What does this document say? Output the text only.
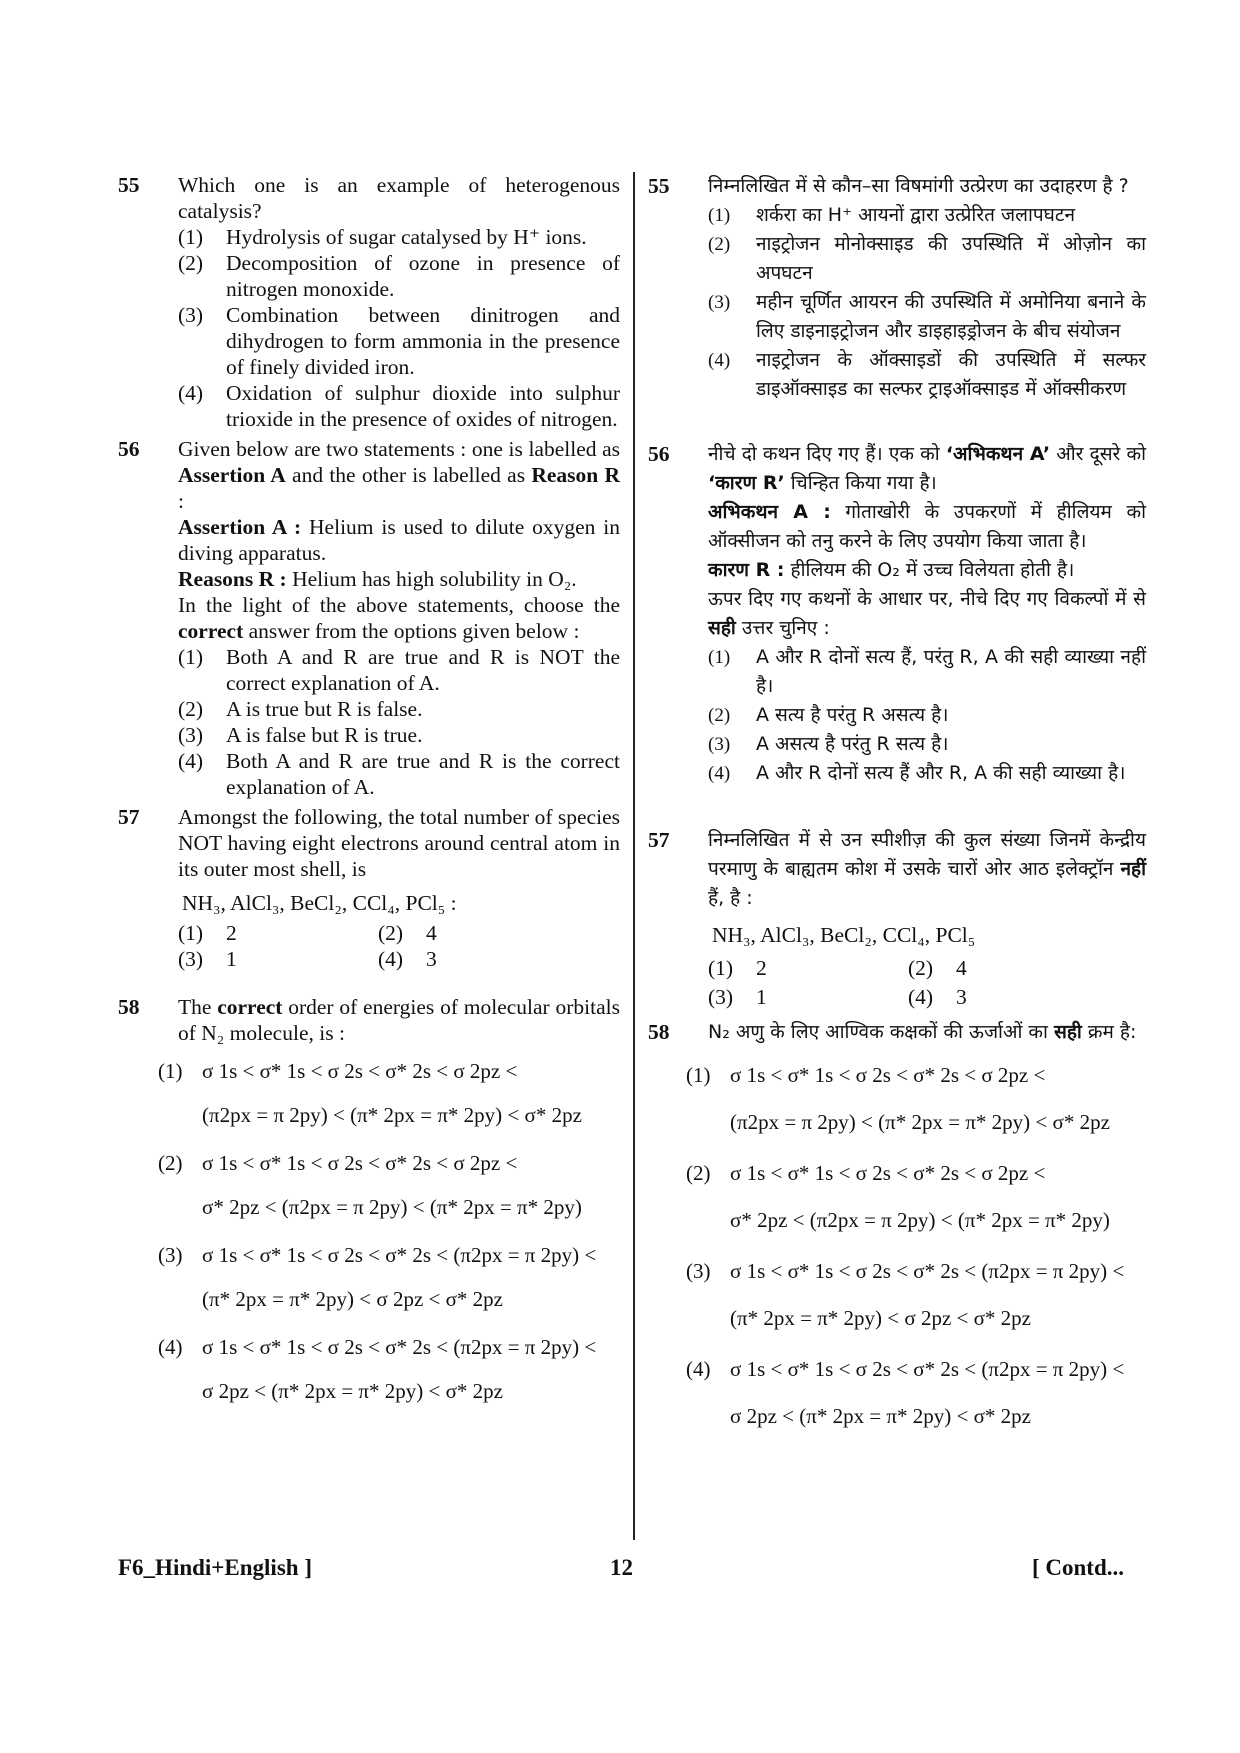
55 Which one is an example of heterogenous catalysis?
(1)	Hydrolysis of sugar catalysed by H⁺ ions.
(2)	Decomposition of ozone in presence of nitrogen monoxide.
(3)	Combination between dinitrogen and dihydrogen to form ammonia in the presence of finely divided iron.
(4)	Oxidation of sulphur dioxide into sulphur trioxide in the presence of oxides of nitrogen.
56 Given below are two statements : one is labelled as Assertion A and the other is labelled as Reason R :
Assertion A : Helium is used to dilute oxygen in diving apparatus.
Reasons R : Helium has high solubility in O₂.
In the light of the above statements, choose the correct answer from the options given below :
(1)	Both A and R are true and R is NOT the correct explanation of A.
(2)	A is true but R is false.
(3)	A is false but R is true.
(4)	Both A and R are true and R is the correct explanation of A.
57 Amongst the following, the total number of species NOT having eight electrons around central atom in its outer most shell, is
NH₃, AlCl₃, BeCl₂, CCl₄, PCl₅ :
(1)	2	(2)	4
(3)	1	(4)	3
58 The correct order of energies of molecular orbitals of N₂ molecule, is :
(1) σ 1s < σ* 1s < σ 2s < σ* 2s < σ 2pz <
(π2px = π 2py) < (π* 2px = π* 2py) < σ* 2pz
(2) σ 1s < σ* 1s < σ 2s < σ* 2s < σ 2pz <
σ* 2pz < (π2px = π 2py) < (π* 2px = π* 2py)
(3) σ 1s < σ* 1s < σ 2s < σ* 2s < (π2px = π 2py) <
(π* 2px = π* 2py) < σ 2pz < σ* 2pz
(4) σ 1s < σ* 1s < σ 2s < σ* 2s < (π2px = π 2py) <
σ 2pz < (π* 2px = π* 2py) < σ* 2pz
55 निम्नलिखित में से कौन–सा विषमांगी उत्प्रेरण का उदाहरण है ?
(1)	शर्करा का H⁺ आयनों द्वारा उत्प्रेरित जलापघटन
(2)	नाइट्रोजन मोनोक्साइड की उपस्थिति में ओज़ोन का अपघटन
(3)	महीन चूर्णित आयरन की उपस्थिति में अमोनिया बनाने के लिए डाइनाइट्रोजन और डाइहाइड्रोजन के बीच संयोजन
(4)	नाइट्रोजन के ऑक्साइडों की उपस्थिति में सल्फर डाइऑक्साइड का सल्फर ट्राइऑक्साइड में ऑक्सीकरण
56 नीचे दो कथन दिए गए हैं। एक को ‘अभिकथन A’ और दूसरे को ‘कारण R’ चिन्हित किया गया है।
अभिकथन A : गोताखोरी के उपकरणों में हीलियम को ऑक्सीजन को तनु करने के लिए उपयोग किया जाता है।
कारण R : हीलियम की O₂ में उच्च विलेयता होती है।
ऊपर दिए गए कथनों के आधार पर, नीचे दिए गए विकल्पों में से सही उत्तर चुनिए :
(1)	A और R दोनों सत्य हैं, परंतु R, A की सही व्याख्या नहीं है।
(2)	A सत्य है परंतु R असत्य है।
(3)	A असत्य है परंतु R सत्य है।
(4)	A और R दोनों सत्य हैं और R, A की सही व्याख्या है।
57 निम्नलिखित में से उन स्पीशीज़ की कुल संख्या जिनमें केन्द्रीय परमाणु के बाह्यतम कोश में उसके चारों ओर आठ इलेक्ट्रॉन नहीं हैं, है :
NH₃, AlCl₃, BeCl₂, CCl₄, PCl₅
(1)	2	(2)	4
(3)	1	(4)	3
58 N₂ अणु के लिए आण्विक कक्षकों की ऊर्जाओं का सही क्रम है:
(1) σ 1s < σ* 1s < σ 2s < σ* 2s < σ 2pz <
(π2px = π 2py) < (π* 2px = π* 2py) < σ* 2pz
(2) σ 1s < σ* 1s < σ 2s < σ* 2s < σ 2pz <
σ* 2pz < (π2px = π 2py) < (π* 2px = π* 2py)
(3) σ 1s < σ* 1s < σ 2s < σ* 2s < (π2px = π 2py) <
(π* 2px = π* 2py) < σ 2pz < σ* 2pz
(4) σ 1s < σ* 1s < σ 2s < σ* 2s < (π2px = π 2py) <
σ 2pz < (π* 2px = π* 2py) < σ* 2pz
F6_Hindi+English ]	12	[ Contd...
